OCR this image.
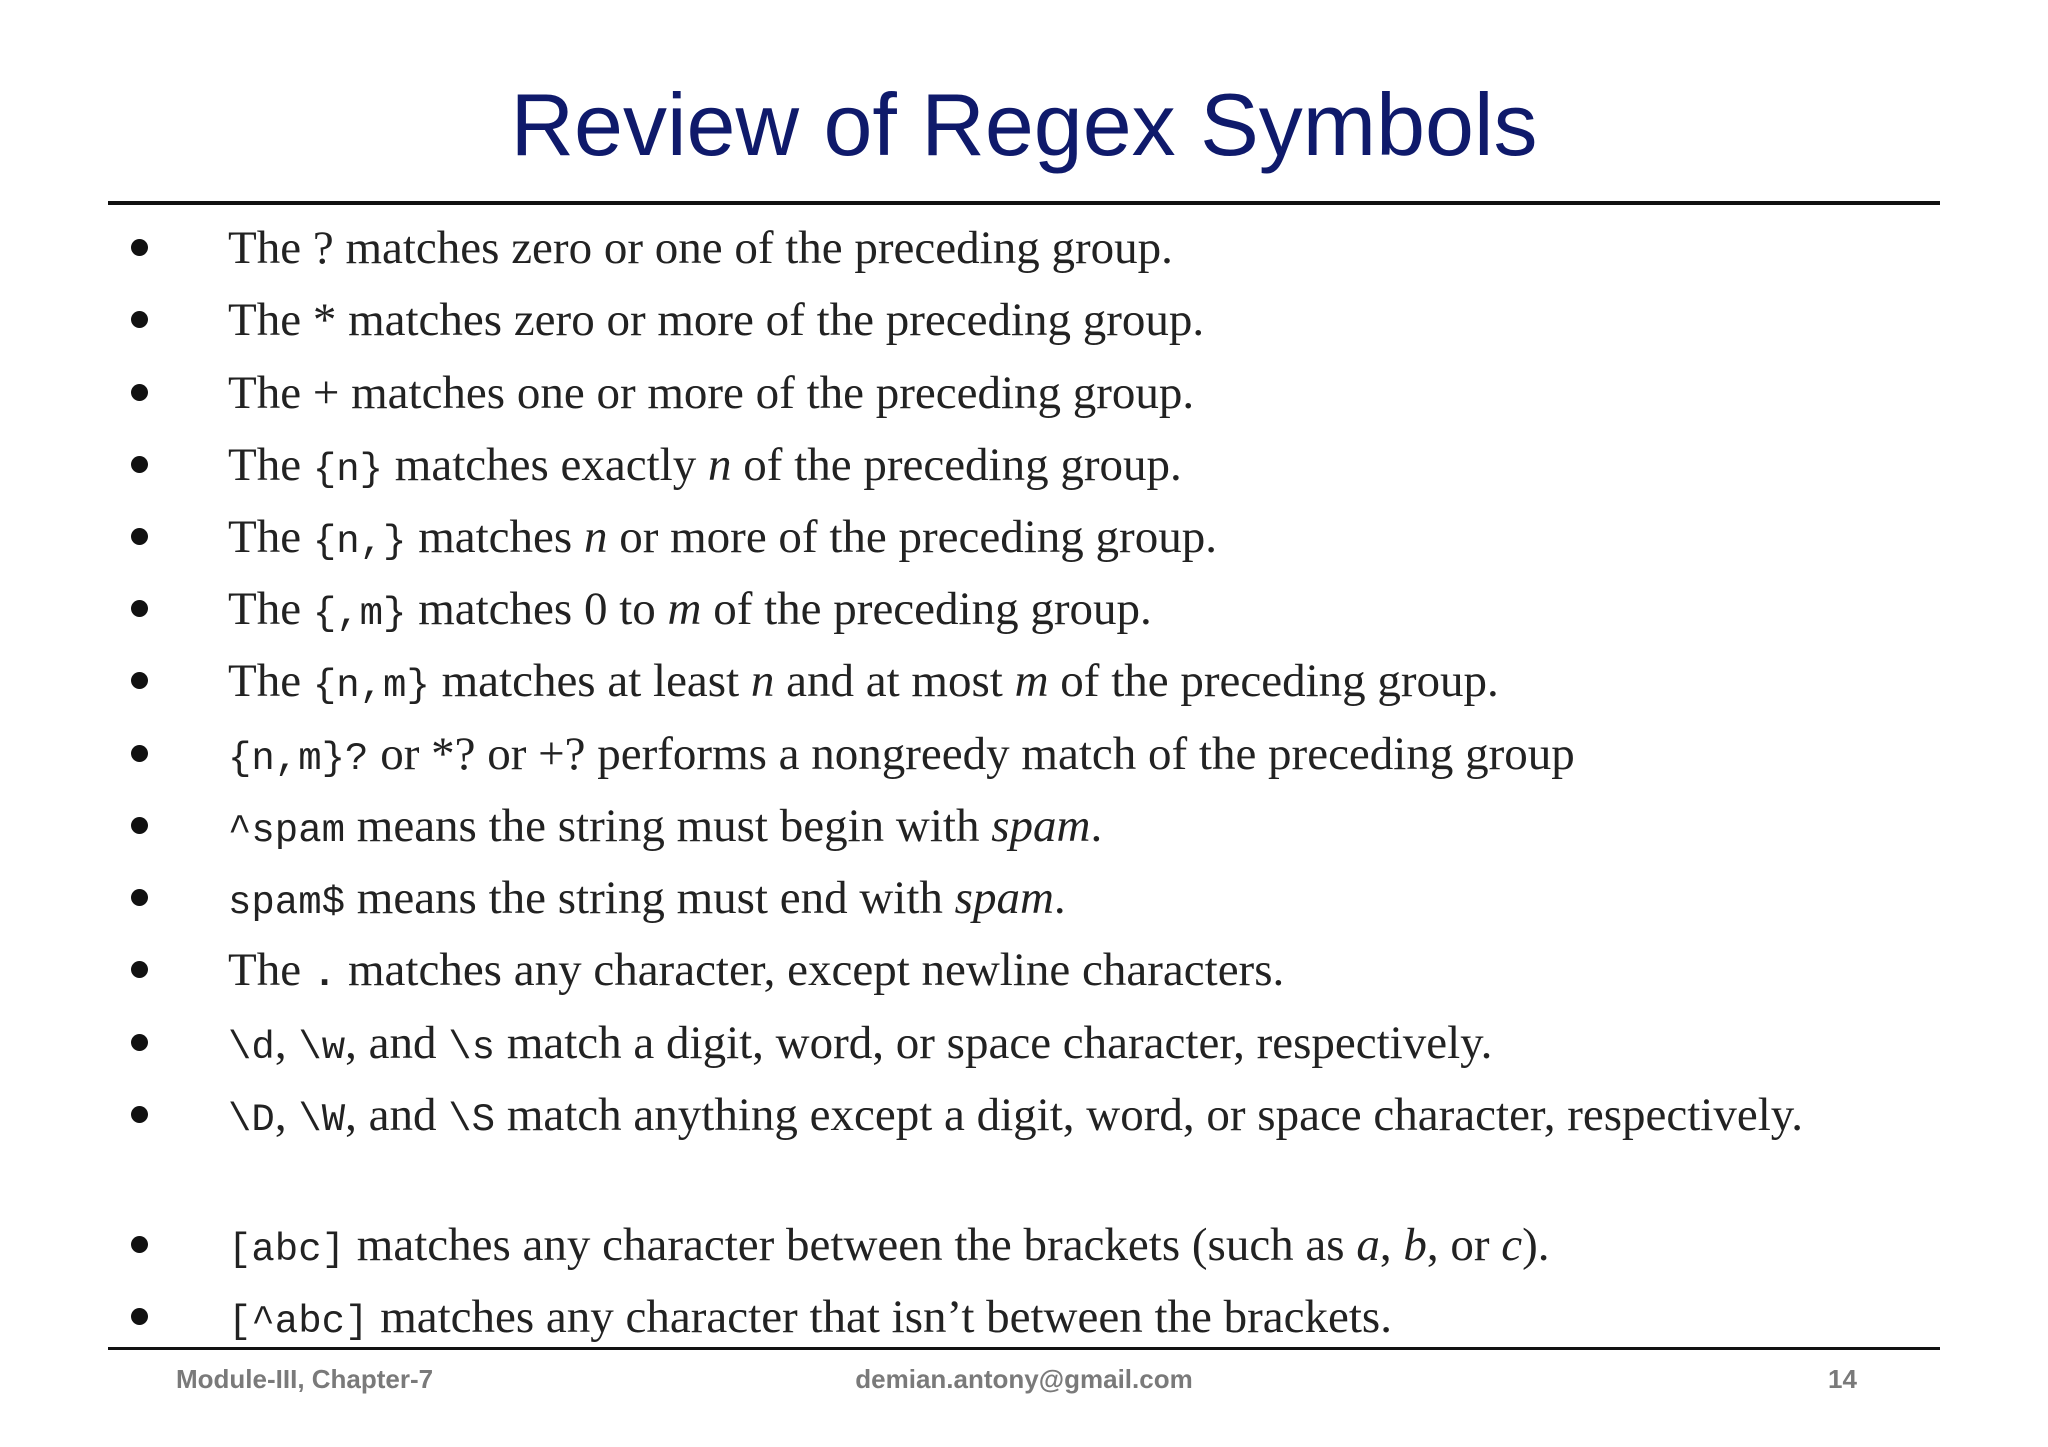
Review of Regex Symbols
The ? matches zero or one of the preceding group.
The * matches zero or more of the preceding group.
The + matches one or more of the preceding group.
The {n} matches exactly n of the preceding group.
The {n,} matches n or more of the preceding group.
The {,m} matches 0 to m of the preceding group.
The {n,m} matches at least n and at most m of the preceding group.
{n,m}? or *? or +? performs a nongreedy match of the preceding group
^spam means the string must begin with spam.
spam$ means the string must end with spam.
The . matches any character, except newline characters.
\d, \w, and \s match a digit, word, or space character, respectively.
\D, \W, and \S match anything except a digit, word, or space character, respectively.
[abc] matches any character between the brackets (such as a, b, or c).
[^abc] matches any character that isn’t between the brackets.
Module-III, Chapter-7	demian.antony@gmail.com	14
